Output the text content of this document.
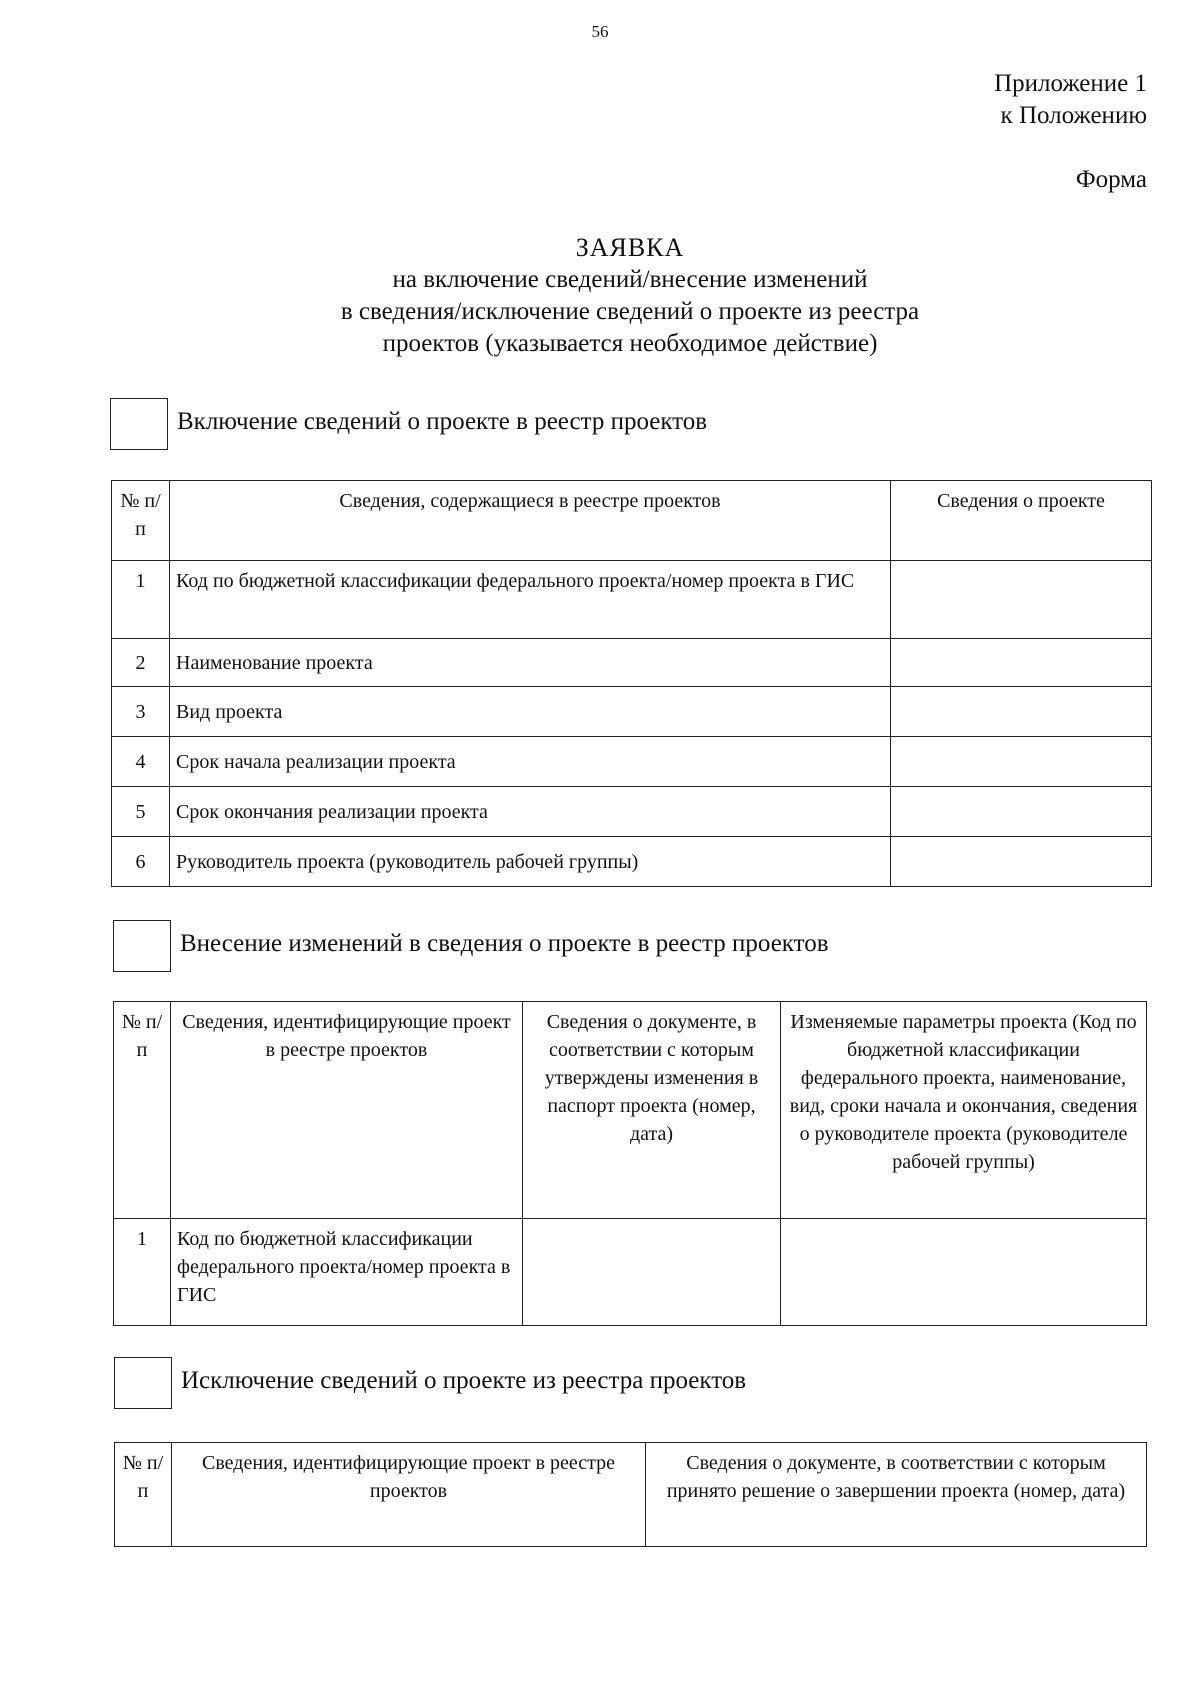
56
Приложение 1
к Положению
Форма
ЗАЯВКА
на включение сведений/внесение изменений
в сведения/исключение сведений о проекте из реестра
проектов (указывается необходимое действие)
Включение сведений о проекте в реестр проектов
№ п/п	Сведения, содержащиеся в реестре проектов	Сведения о проекте
1	Код по бюджетной классификации федерального проекта/номер проекта в ГИС	
2	Наименование проекта	
3	Вид проекта	
4	Срок начала реализации проекта	
5	Срок окончания реализации проекта	
6	Руководитель проекта (руководитель рабочей группы)	
Внесение изменений в сведения о проекте в реестр проектов
№ п/п	Сведения, идентифицирующие проект в реестре проектов	Сведения о документе, в соответствии с которым утверждены изменения в паспорт проекта (номер, дата)	Изменяемые параметры проекта (Код по бюджетной классификации федерального проекта, наименование, вид, сроки начала и окончания, сведения о руководителе проекта (руководителе рабочей группы)
1	Код по бюджетной классификации федерального проекта/номер проекта в ГИС		
Исключение сведений о проекте из реестра проектов
№ п/п	Сведения, идентифицирующие проект в реестре проектов	Сведения о документе, в соответствии с которым принято решение о завершении проекта (номер, дата)
